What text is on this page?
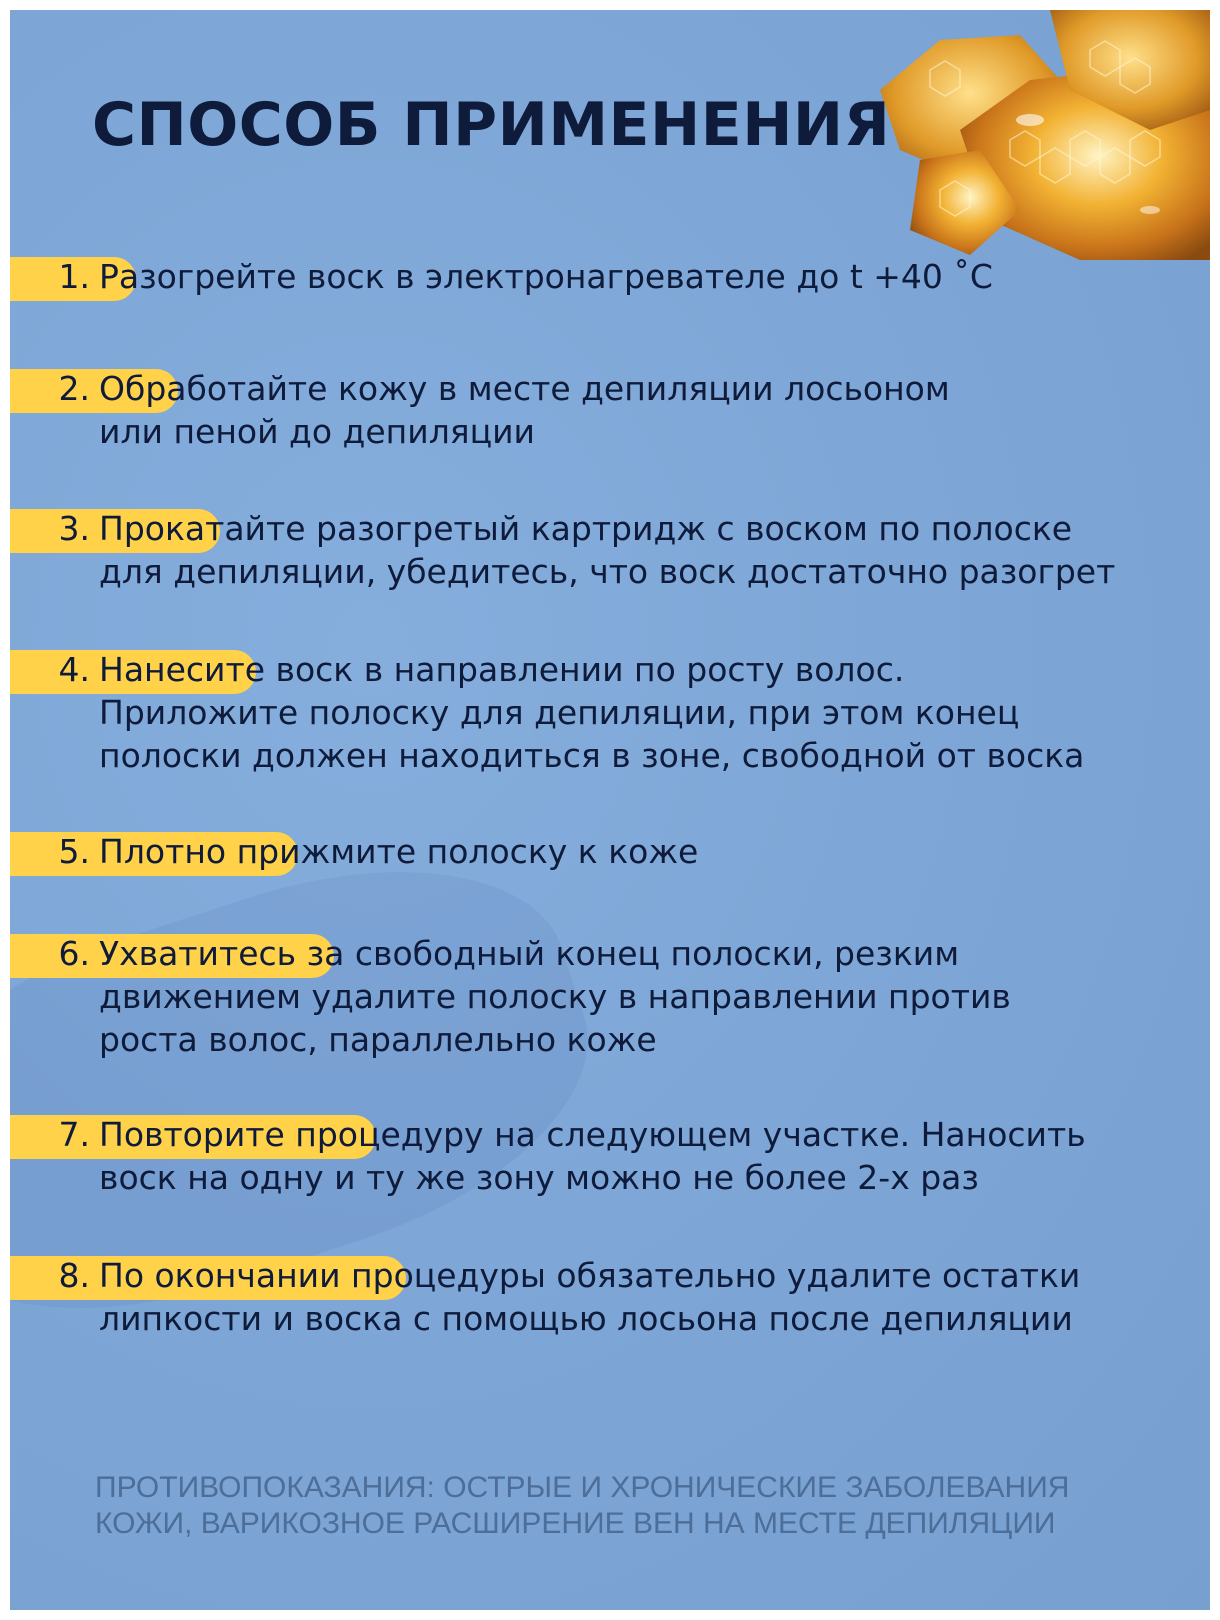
СПОСОБ ПРИМЕНЕНИЯ
1. Разогрейте воск в электронагревателе до t +40 ˚С
2. Обработайте кожу в месте депиляции лосьоном
или пеной до депиляции
3. Прокатайте разогретый картридж с воском по полоске
для депиляции, убедитесь, что воск достаточно разогрет
4. Нанесите воск в направлении по росту волос.
Приложите полоску для депиляции, при этом конец
полоски должен находиться в зоне, свободной от воска
5. Плотно прижмите полоску к коже
6. Ухватитесь за свободный конец полоски, резким
движением удалите полоску в направлении против
роста волос, параллельно коже
7. Повторите процедуру на следующем участке. Наносить
воск на одну и ту же зону можно не более 2-х раз
8. По окончании процедуры обязательно удалите остатки
липкости и воска с помощью лосьона после депиляции
ПРОТИВОПОКАЗАНИЯ: ОСТРЫЕ И ХРОНИЧЕСКИЕ ЗАБОЛЕВАНИЯ
КОЖИ, ВАРИКОЗНОЕ РАСШИРЕНИЕ ВЕН НА МЕСТЕ ДЕПИЛЯЦИИ
